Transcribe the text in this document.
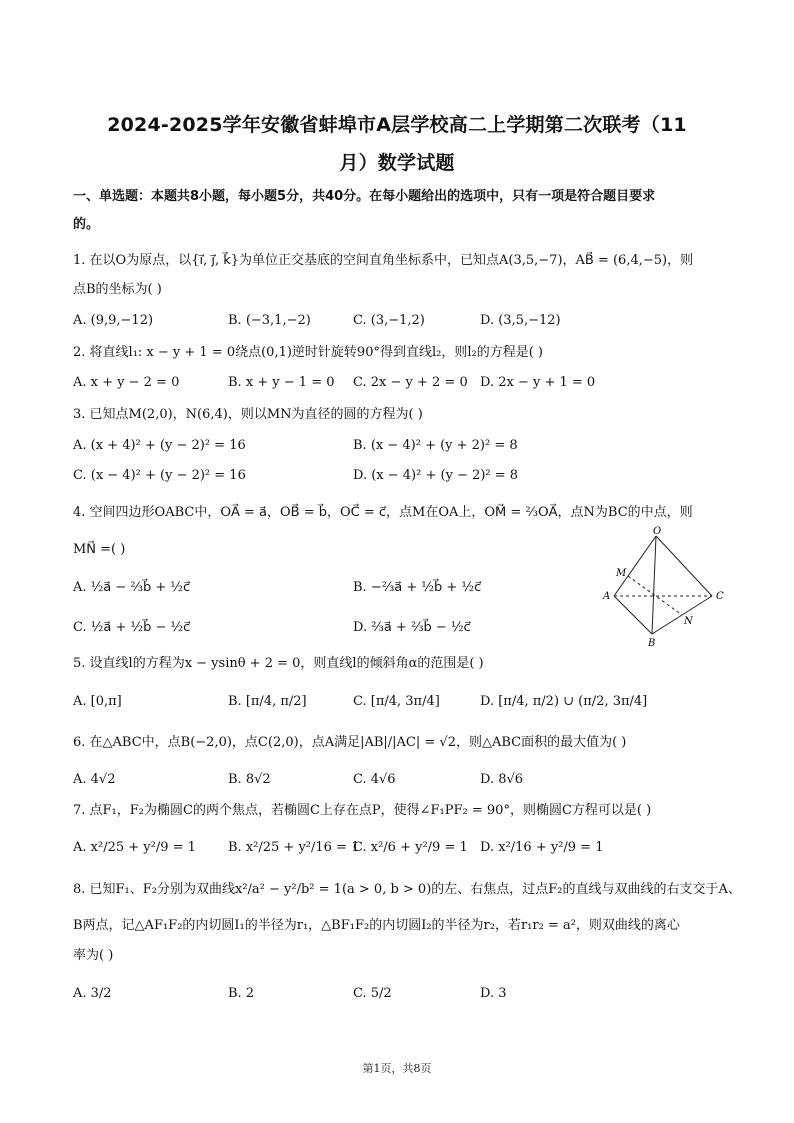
2024-2025学年安徽省蚌埠市A层学校高二上学期第二次联考（11
月）数学试题
一、单选题：本题共8小题，每小题5分，共40分。在每小题给出的选项中，只有一项是符合题目要求
的。
1. 在以O为原点，以{i⃗, j⃗, k⃗}为单位正交基底的空间直角坐标系中，已知点A(3,5,−7)，AB⃗ = (6,4,−5)，则
点B的坐标为( )
A. (9,9,−12)	B. (−3,1,−2)	C. (3,−1,2)	D. (3,5,−12)
2. 将直线l₁: x − y + 1 = 0绕点(0,1)逆时针旋转90°得到直线l₂，则l₂的方程是( )
A. x + y − 2 = 0	B. x + y − 1 = 0 C. 2x − y + 2 = 0 D. 2x − y + 1 = 0
3. 已知点M(2,0)，N(6,4)，则以MN为直径的圆的方程为( )
A. (x + 4)² + (y − 2)² = 16	B. (x − 4)² + (y + 2)² = 8
C. (x − 4)² + (y − 2)² = 16	D. (x − 4)² + (y − 2)² = 8
4. 空间四边形OABC中，OA⃗ = a⃗，OB⃗ = b⃗，OC⃗ = c⃗，点M在OA上，OM⃗ = ⅔OA⃗，点N为BC的中点，则
MN⃗ =( )
A. ½a⃗ − ⅔b⃗ + ½c⃗	B. −⅔a⃗ + ½b⃗ + ½c⃗
C. ½a⃗ + ½b⃗ − ½c⃗	D. ⅔a⃗ + ⅔b⃗ − ½c⃗
O
M
A
B
C
N
5. 设直线l的方程为x − ysinθ + 2 = 0，则直线l的倾斜角α的范围是( )
A. [0,π]	B. [π/4, π/2]	C. [π/4, 3π/4]	D. [π/4, π/2) ∪ (π/2, 3π/4]
6. 在△ABC中，点B(−2,0)，点C(2,0)，点A满足|AB|/|AC| = √2，则△ABC面积的最大值为( )
A. 4√2	B. 8√2	C. 4√6	D. 8√6
7. 点F₁，F₂为椭圆C的两个焦点，若椭圆C上存在点P，使得∠F₁PF₂ = 90°，则椭圆C方程可以是( )
A. x²/25 + y²/9 = 1 B. x²/25 + y²/16 = 1
C. x²/6 + y²/9 = 1 D. x²/16 + y²/9 = 1
8. 已知F₁、F₂分别为双曲线x²/a² − y²/b² = 1(a > 0, b > 0)的左、右焦点，过点F₂的直线与双曲线的右支交于A、
B两点，记△AF₁F₂的内切圆I₁的半径为r₁，△BF₁F₂的内切圆I₂的半径为r₂，若r₁r₂ = a²，则双曲线的离心
率为( )
A. 3/2	B. 2	C. 5/2	D. 3
第1页，共8页
